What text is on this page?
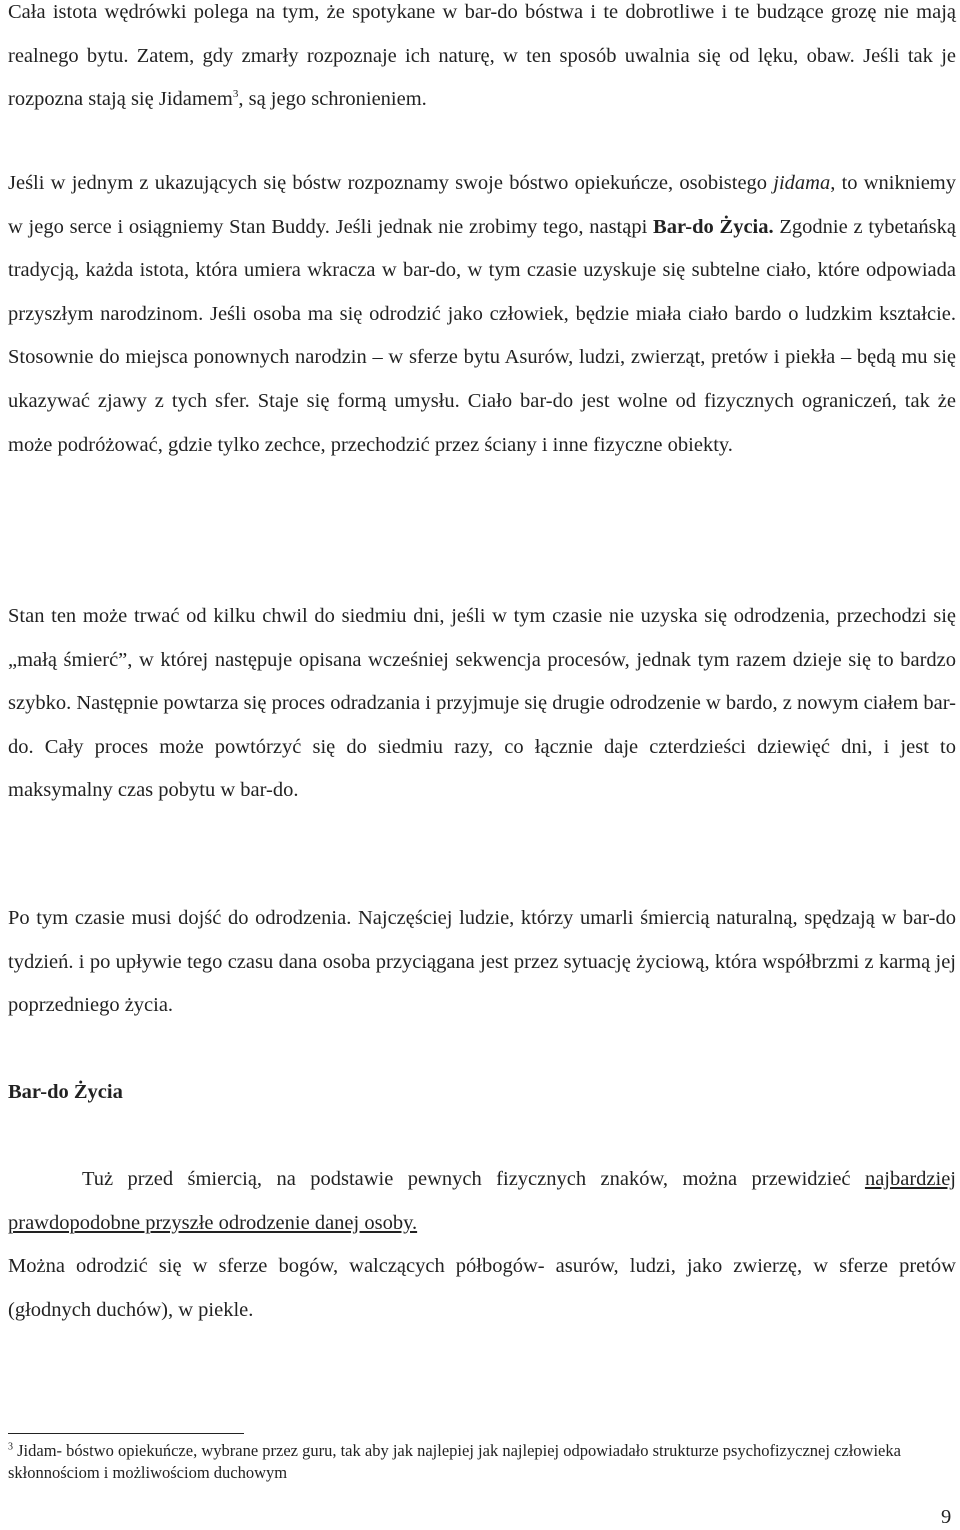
Cała istota wędrówki polega na tym, że spotykane w bar-do bóstwa i te dobrotliwe i te budzące grozę nie mają realnego bytu. Zatem, gdy zmarły rozpoznaje ich naturę, w ten sposób uwalnia się od lęku, obaw. Jeśli tak je rozpozna stają się Jidamem$^3$, są jego schronieniem.

Jeśli w jednym z ukazujących się bóstw rozpoznamy swoje bóstwo opiekuńcze, osobistego jidama, to wnikniemy w jego serce i osiągniemy Stan Buddy. Jeśli jednak nie zrobimy tego, nastąpi Bar-do Życia. Zgodnie z tybetańską tradycją, każda istota, która umiera wkracza w bar-do, w tym czasie uzyskuje się subtelne ciało, które odpowiada przyszłym narodzinom. Jeśli osoba ma się odrodzić jako człowiek, będzie miała ciało bardo o ludzkim kształcie. Stosownie do miejsca ponownych narodzin – w sferze bytu Asurów, ludzi, zwierząt, pretów i piekła – będą mu się ukazywać zjawy z tych sfer. Staje się formą umysłu. Ciało bar-do jest wolne od fizycznych ograniczeń, tak że może podróżować, gdzie tylko zechce, przechodzić przez ściany i inne fizyczne obiekty.

Stan ten może trwać od kilku chwil do siedmiu dni, jeśli w tym czasie nie uzyska się odrodzenia, przechodzi się „małą śmierć”, w której następuje opisana wcześniej sekwencja procesów, jednak tym razem dzieje się to bardzo szybko. Następnie powtarza się proces odradzania i przyjmuje się drugie odrodzenie w bardo, z nowym ciałem bar-do. Cały proces może powtórzyć się do siedmiu razy, co łącznie daje czterdzieści dziewięć dni, i jest to maksymalny czas pobytu w bar-do.

Po tym czasie musi dojść do odrodzenia. Najczęściej ludzie, którzy umarli śmiercią naturalną, spędzają w bar-do tydzień. i po upływie tego czasu dana osoba przyciągana jest przez sytuację życiową, która współbrzmi z karmą jej poprzedniego życia.

Bar-do Życia

Tuż przed śmiercią, na podstawie pewnych fizycznych znaków, można przewidzieć najbardziej prawdopodobne przyszłe odrodzenie danej osoby.

Można odrodzić się w sferze bogów, walczących półbogów- asurów, ludzi, jako zwierzę, w sferze pretów (głodnych duchów), w piekle.

$^3$ Jidam- bóstwo opiekuńcze, wybrane przez guru, tak aby jak najlepiej jak najlepiej odpowiadało strukturze psychofizycznej człowieka skłonnościom i możliwościom duchowym

9
